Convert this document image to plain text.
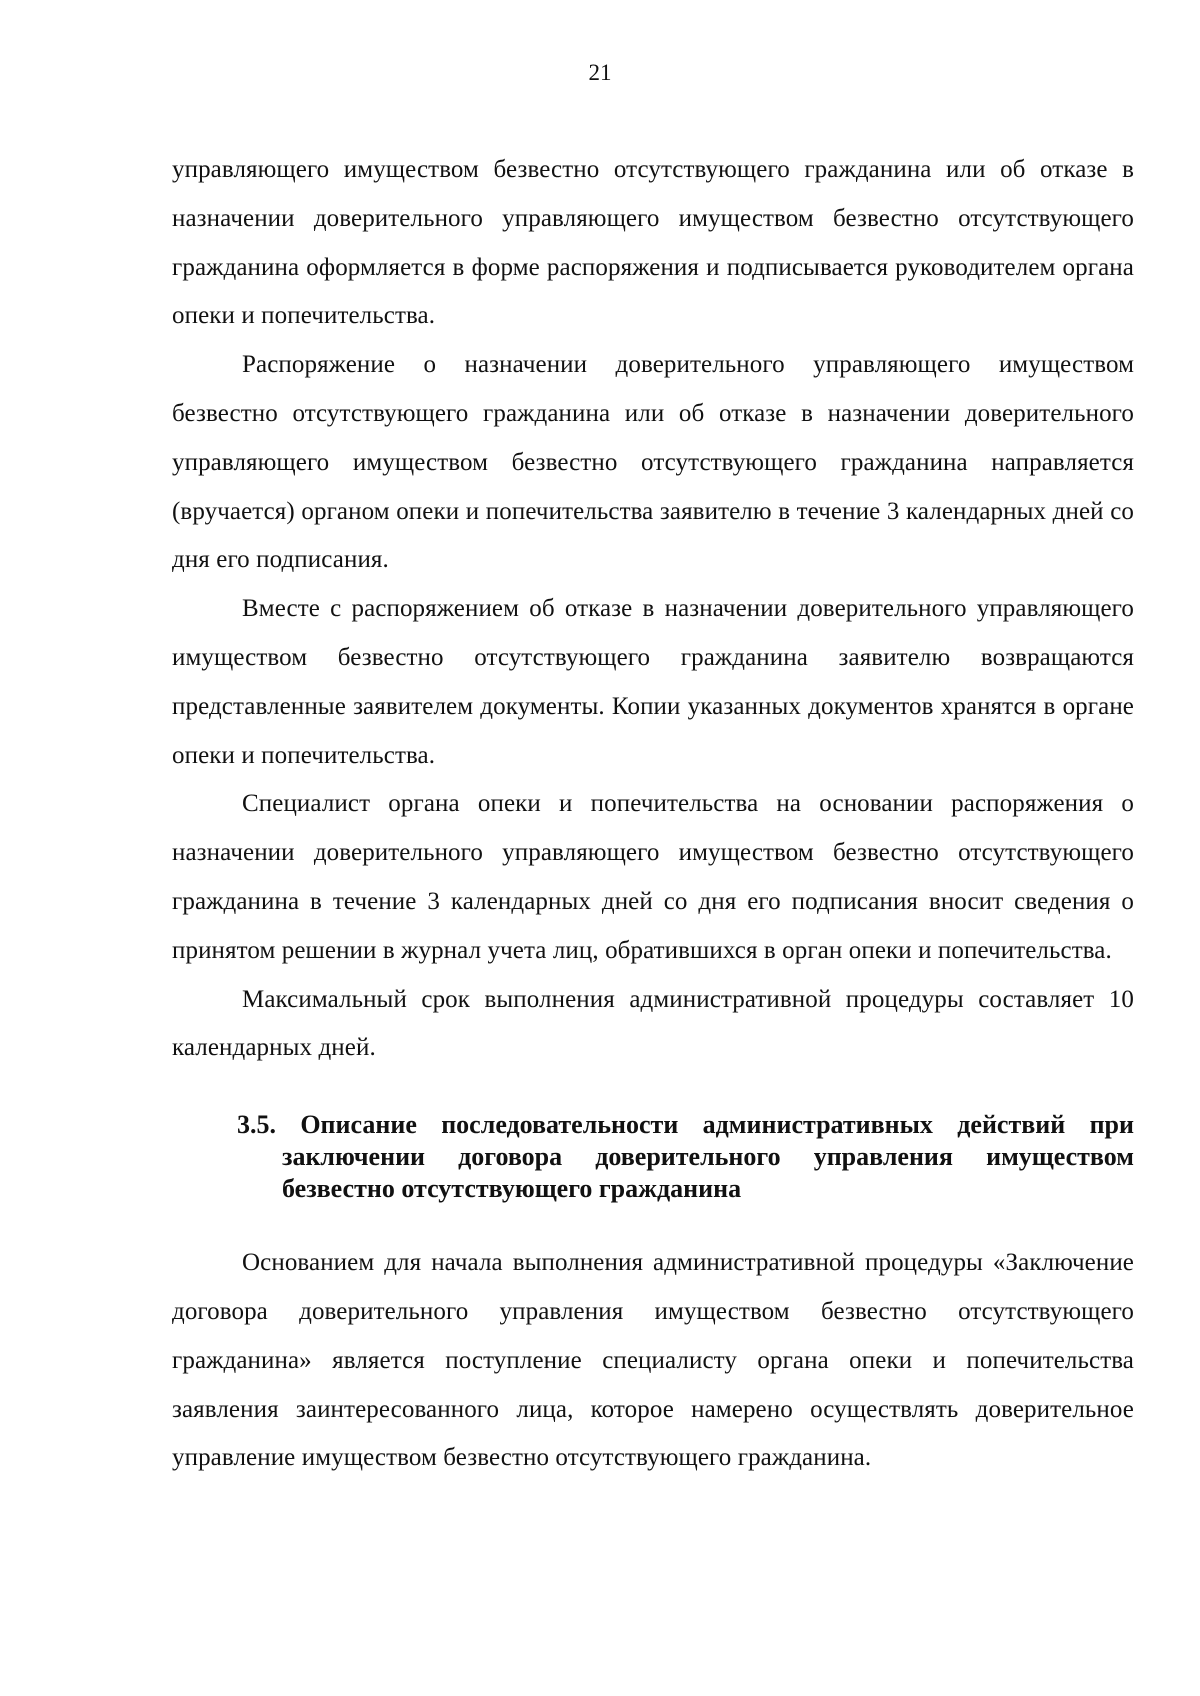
21

управляющего имуществом безвестно отсутствующего гражданина или об отказе в назначении доверительного управляющего имуществом безвестно отсутствующего гражданина оформляется в форме распоряжения и подписывается руководителем органа опеки и попечительства.

Распоряжение о назначении доверительного управляющего имуществом безвестно отсутствующего гражданина или об отказе в назначении доверительного управляющего имуществом безвестно отсутствующего гражданина направляется (вручается) органом опеки и попечительства заявителю в течение 3 календарных дней со дня его подписания.

Вместе с распоряжением об отказе в назначении доверительного управляющего имуществом безвестно отсутствующего гражданина заявителю возвращаются представленные заявителем документы. Копии указанных документов хранятся в органе опеки и попечительства.

Специалист органа опеки и попечительства на основании распоряжения о назначении доверительного управляющего имуществом безвестно отсутствующего гражданина в течение 3 календарных дней со дня его подписания вносит сведения о принятом решении в журнал учета лиц, обратившихся в орган опеки и попечительства.

Максимальный срок выполнения административной процедуры составляет 10 календарных дней.

3.5. Описание последовательности административных действий при заключении договора доверительного управления имуществом безвестно отсутствующего гражданина

Основанием для начала выполнения административной процедуры «Заключение договора доверительного управления имуществом безвестно отсутствующего гражданина» является поступление специалисту органа опеки и попечительства заявления заинтересованного лица, которое намерено осуществлять доверительное управление имуществом безвестно отсутствующего гражданина.
